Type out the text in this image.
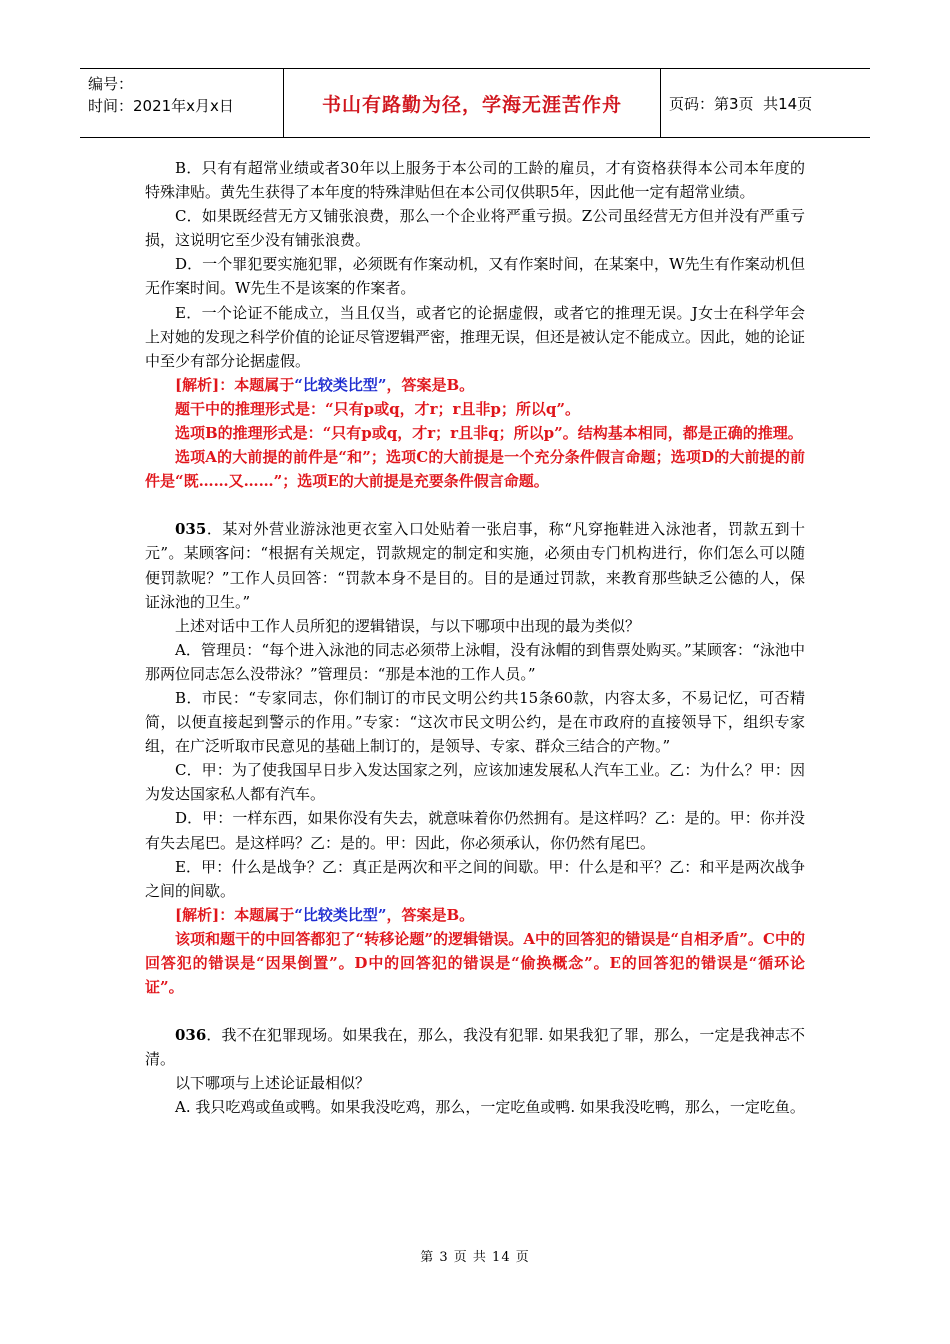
编号：
时间：2021年x月x日	书山有路勤为径，学海无涯苦作舟	页码：第3页  共14页

B．只有有超常业绩或者30年以上服务于本公司的工龄的雇员，才有资格获得本公司本年度的特殊津贴。黄先生获得了本年度的特殊津贴但在本公司仅供职5年，因此他一定有超常业绩。

C．如果既经营无方又铺张浪费，那么一个企业将严重亏损。Z公司虽经营无方但并没有严重亏损，这说明它至少没有铺张浪费。

D．一个罪犯要实施犯罪，必须既有作案动机，又有作案时间，在某案中，W先生有作案动机但无作案时间。W先生不是该案的作案者。

E．一个论证不能成立，当且仅当，或者它的论据虚假，或者它的推理无误。J女士在科学年会上对她的发现之科学价值的论证尽管逻辑严密，推理无误，但还是被认定不能成立。因此，她的论证中至少有部分论据虚假。

[解析]：本题属于“比较类比型”，答案是B。

题干中的推理形式是：“只有p或q，才r；r且非p；所以q”。

选项B的推理形式是：“只有p或q，才r；r且非q；所以p”。结构基本相同，都是正确的推理。

选项A的大前提的前件是“和”；选项C的大前提是一个充分条件假言命题；选项D的大前提的前件是“既……又……”；选项E的大前提是充要条件假言命题。

035．某对外营业游泳池更衣室入口处贴着一张启事，称“凡穿拖鞋进入泳池者，罚款五到十元”。某顾客问：“根据有关规定，罚款规定的制定和实施，必须由专门机构进行，你们怎么可以随便罚款呢？”工作人员回答：“罚款本身不是目的。目的是通过罚款，来教育那些缺乏公德的人，保证泳池的卫生。”

上述对话中工作人员所犯的逻辑错误，与以下哪项中出现的最为类似？

A．管理员：“每个进入泳池的同志必须带上泳帽，没有泳帽的到售票处购买。”某顾客：“泳池中那两位同志怎么没带泳？”管理员：“那是本池的工作人员。”

B．市民：“专家同志，你们制订的市民文明公约共15条60款，内容太多，不易记忆，可否精简，以便直接起到警示的作用。”专家：“这次市民文明公约，是在市政府的直接领导下，组织专家组，在广泛听取市民意见的基础上制订的，是领导、专家、群众三结合的产物。”

C．甲：为了使我国早日步入发达国家之列，应该加速发展私人汽车工业。乙：为什么？甲：因为发达国家私人都有汽车。

D．甲：一样东西，如果你没有失去，就意味着你仍然拥有。是这样吗？乙：是的。甲：你并没有失去尾巴。是这样吗？乙：是的。甲：因此，你必须承认，你仍然有尾巴。

E．甲：什么是战争？乙：真正是两次和平之间的间歇。甲：什么是和平？乙：和平是两次战争之间的间歇。

[解析]：本题属于“比较类比型”，答案是B。

该项和题干的中回答都犯了“转移论题”的逻辑错误。A中的回答犯的错误是“自相矛盾”。C中的回答犯的错误是“因果倒置”。D中的回答犯的错误是“偷换概念”。E的回答犯的错误是“循环论证”。

036．我不在犯罪现场。如果我在，那么，我没有犯罪. 如果我犯了罪，那么，一定是我神志不清。

以下哪项与上述论证最相似？

A. 我只吃鸡或鱼或鸭。如果我没吃鸡，那么，一定吃鱼或鸭. 如果我没吃鸭，那么，一定吃鱼。

第 3 页 共 14 页
